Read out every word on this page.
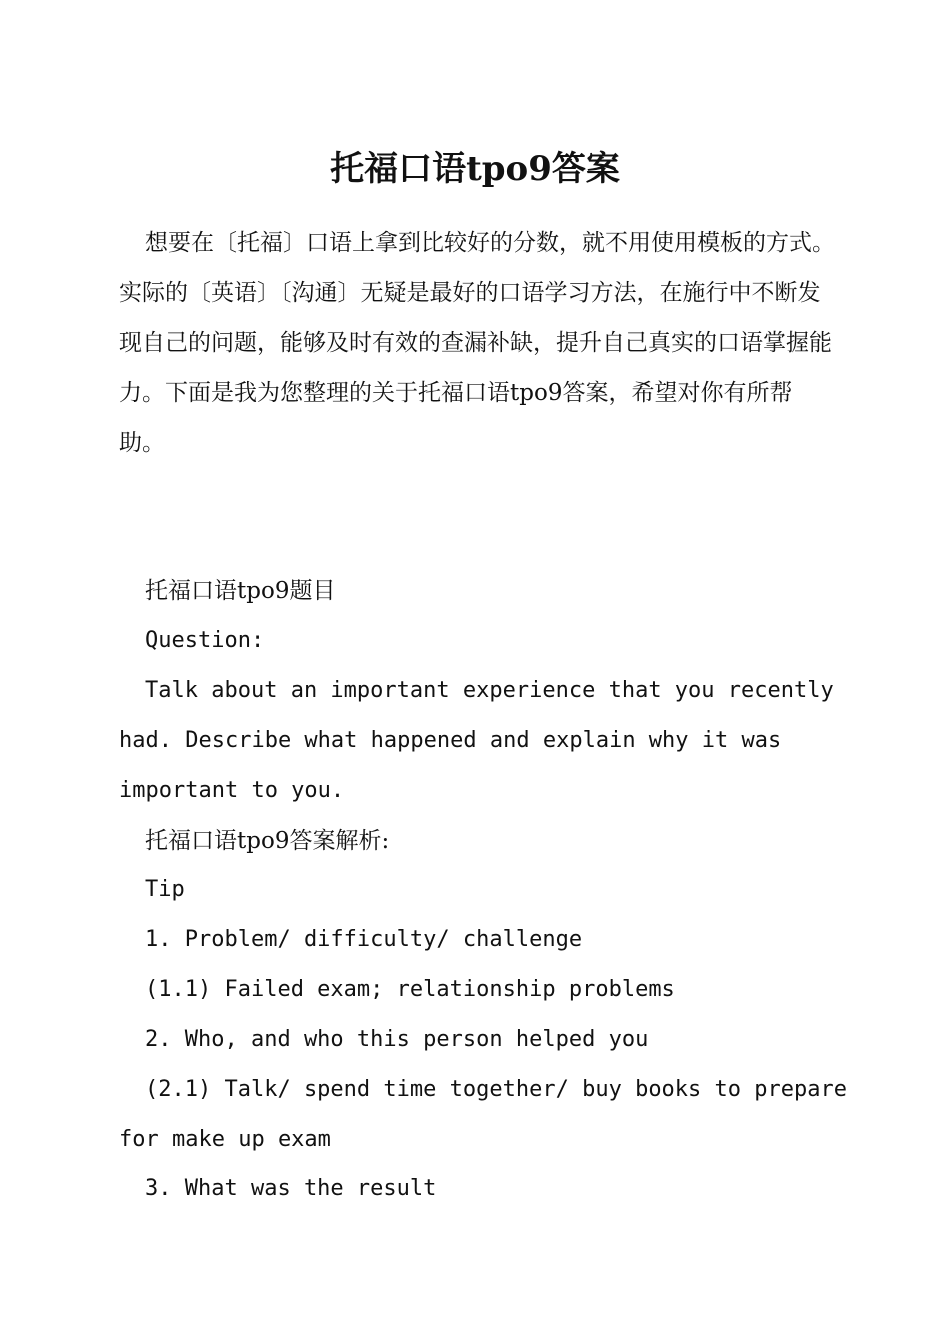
托福口语tpo9答案

想要在〔托福〕口语上拿到比较好的分数，就不用使用模板的方式。实际的〔英语〕〔沟通〕无疑是最好的口语学习方法，在施行中不断发现自己的问题，能够及时有效的查漏补缺，提升自己真实的口语掌握能力。下面是我为您整理的关于托福口语tpo9答案，希望对你有所帮助。

托福口语tpo9题目

Question:

Talk about an important experience that you recently

had. Describe what happened and explain why it was

important to you.

托福口语tpo9答案解析:

Tip

1. Problem/ difficulty/ challenge

(1.1) Failed exam; relationship problems

2. Who, and who this person helped you

(2.1) Talk/ spend time together/ buy books to prepare

for make up exam

3. What was the result
